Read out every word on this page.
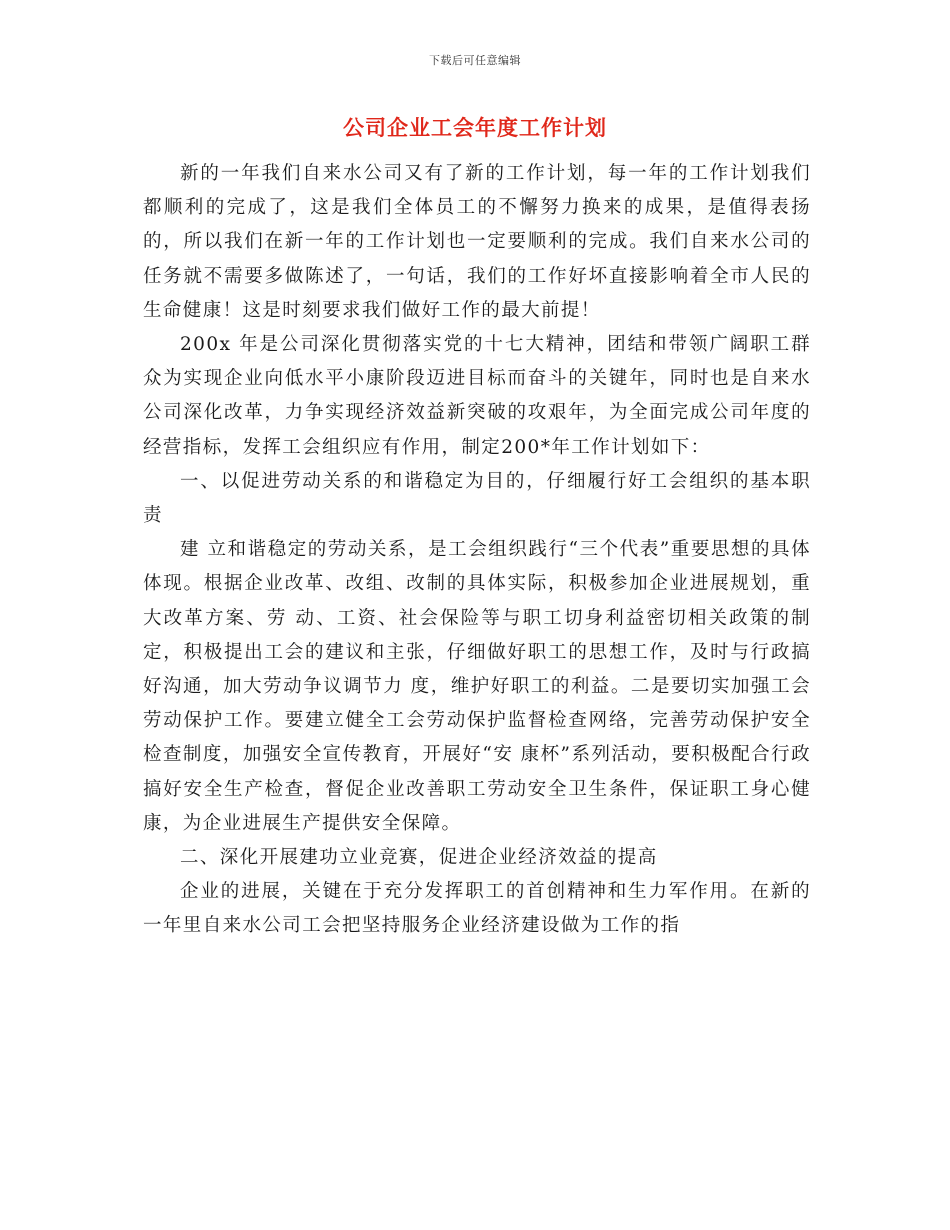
下载后可任意编辑
公司企业工会年度工作计划

新的一年我们自来水公司又有了新的工作计划，每一年的工作计划我们都顺利的完成了，这是我们全体员工的不懈努力换来的成果，是值得表扬的，所以我们在新一年的工作计划也一定要顺利的完成。我们自来水公司的任务就不需要多做陈述了，一句话，我们的工作好坏直接影响着全市人民的生命健康！这是时刻要求我们做好工作的最大前提！

200x 年是公司深化贯彻落实党的十七大精神，团结和带领广阔职工群众为实现企业向低水平小康阶段迈进目标而奋斗的关键年，同时也是自来水公司深化改革，力争实现经济效益新突破的攻艰年，为全面完成公司年度的经营指标，发挥工会组织应有作用，制定200*年工作计划如下：

一、以促进劳动关系的和谐稳定为目的，仔细履行好工会组织的基本职责

建 立和谐稳定的劳动关系，是工会组织践行“三个代表”重要思想的具体体现。根据企业改革、改组、改制的具体实际，积极参加企业进展规划，重大改革方案、劳 动、工资、社会保险等与职工切身利益密切相关政策的制定，积极提出工会的建议和主张，仔细做好职工的思想工作，及时与行政搞好沟通，加大劳动争议调节力 度，维护好职工的利益。二是要切实加强工会劳动保护工作。要建立健全工会劳动保护监督检查网络，完善劳动保护安全检查制度，加强安全宣传教育，开展好“安 康杯”系列活动，要积极配合行政搞好安全生产检查，督促企业改善职工劳动安全卫生条件，保证职工身心健康，为企业进展生产提供安全保障。

二、深化开展建功立业竞赛，促进企业经济效益的提高

企业的进展，关键在于充分发挥职工的首创精神和生力军作用。在新的一年里自来水公司工会把坚持服务企业经济建设做为工作的指
